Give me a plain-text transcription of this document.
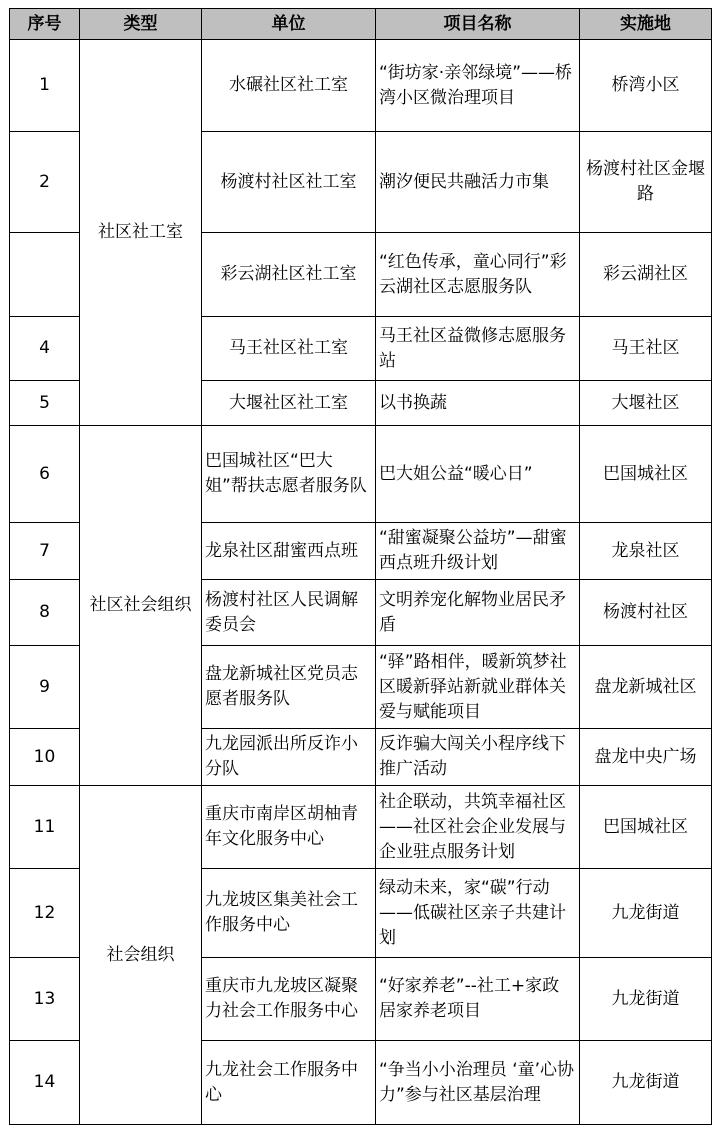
序号	类型	单位	项目名称	实施地
1	社区社工室	水碾社区社工室	“街坊家·亲邻绿境”——桥湾小区微治理项目	桥湾小区
2		杨渡村社区社工室	潮汐便民共融活力市集	杨渡村社区金堰路
		彩云湖社区社工室	“红色传承，童心同行”彩云湖社区志愿服务队	彩云湖社区
4		马王社区社工室	马王社区益微修志愿服务站	马王社区
5		大堰社区社工室	以书换蔬	大堰社区
6	社区社会组织	巴国城社区“巴大姐”帮扶志愿者服务队	巴大姐公益“暖心日”	巴国城社区
7		龙泉社区甜蜜西点班	“甜蜜凝聚公益坊”—甜蜜西点班升级计划	龙泉社区
8		杨渡村社区人民调解委员会	文明养宠化解物业居民矛盾	杨渡村社区
9		盘龙新城社区党员志愿者服务队	“驿”路相伴，暖新筑梦社区暖新驿站新就业群体关爱与赋能项目	盘龙新城社区
10		九龙园派出所反诈小分队	反诈骗大闯关小程序线下推广活动	盘龙中央广场
11	社会组织	重庆市南岸区胡柚青年文化服务中心	社企联动，共筑幸福社区——社区社会企业发展与企业驻点服务计划	巴国城社区
12		九龙坡区集美社会工作服务中心	绿动未来，家“碳”行动——低碳社区亲子共建计划	九龙街道
13		重庆市九龙坡区凝聚力社会工作服务中心	“好家养老”--社工+家政居家养老项目	九龙街道
14		九龙社会工作服务中心	“争当小小治理员 ‘童’心协力”参与社区基层治理	九龙街道
